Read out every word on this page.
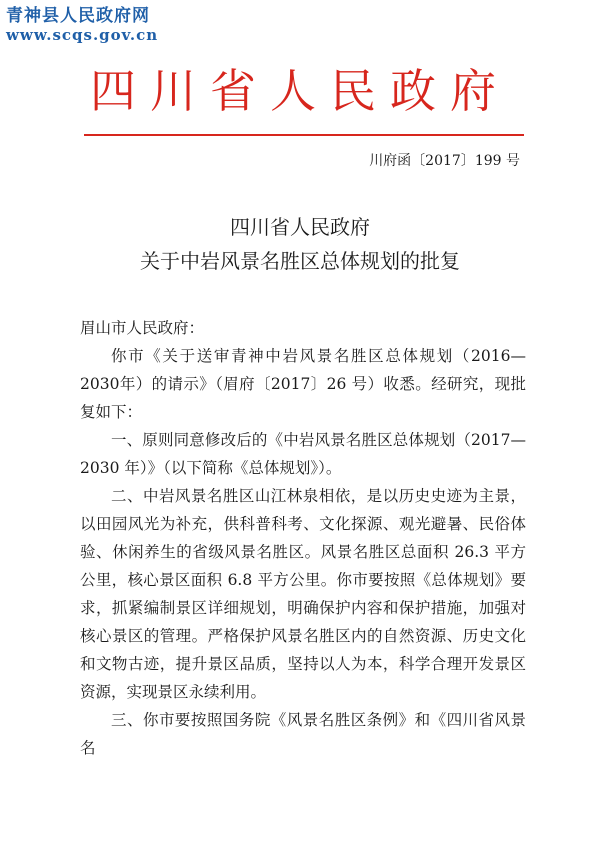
青神县人民政府网
www.scqs.gov.cn
四川省人民政府
川府函〔2017〕199 号
四川省人民政府
关于中岩风景名胜区总体规划的批复

眉山市人民政府：

你市《关于送审青神中岩风景名胜区总体规划（2016—2030年）的请示》（眉府〔2017〕26 号）收悉。经研究，现批复如下：

一、原则同意修改后的《中岩风景名胜区总体规划（2017—2030 年）》（以下简称《总体规划》）。

二、中岩风景名胜区山江林泉相依，是以历史史迹为主景，以田园风光为补充，供科普科考、文化探源、观光避暑、民俗体验、休闲养生的省级风景名胜区。风景名胜区总面积 26.3 平方公里，核心景区面积 6.8 平方公里。你市要按照《总体规划》要求，抓紧编制景区详细规划，明确保护内容和保护措施，加强对核心景区的管理。严格保护风景名胜区内的自然资源、历史文化和文物古迹，提升景区品质，坚持以人为本，科学合理开发景区资源，实现景区永续利用。

三、你市要按照国务院《风景名胜区条例》和《四川省风景名
